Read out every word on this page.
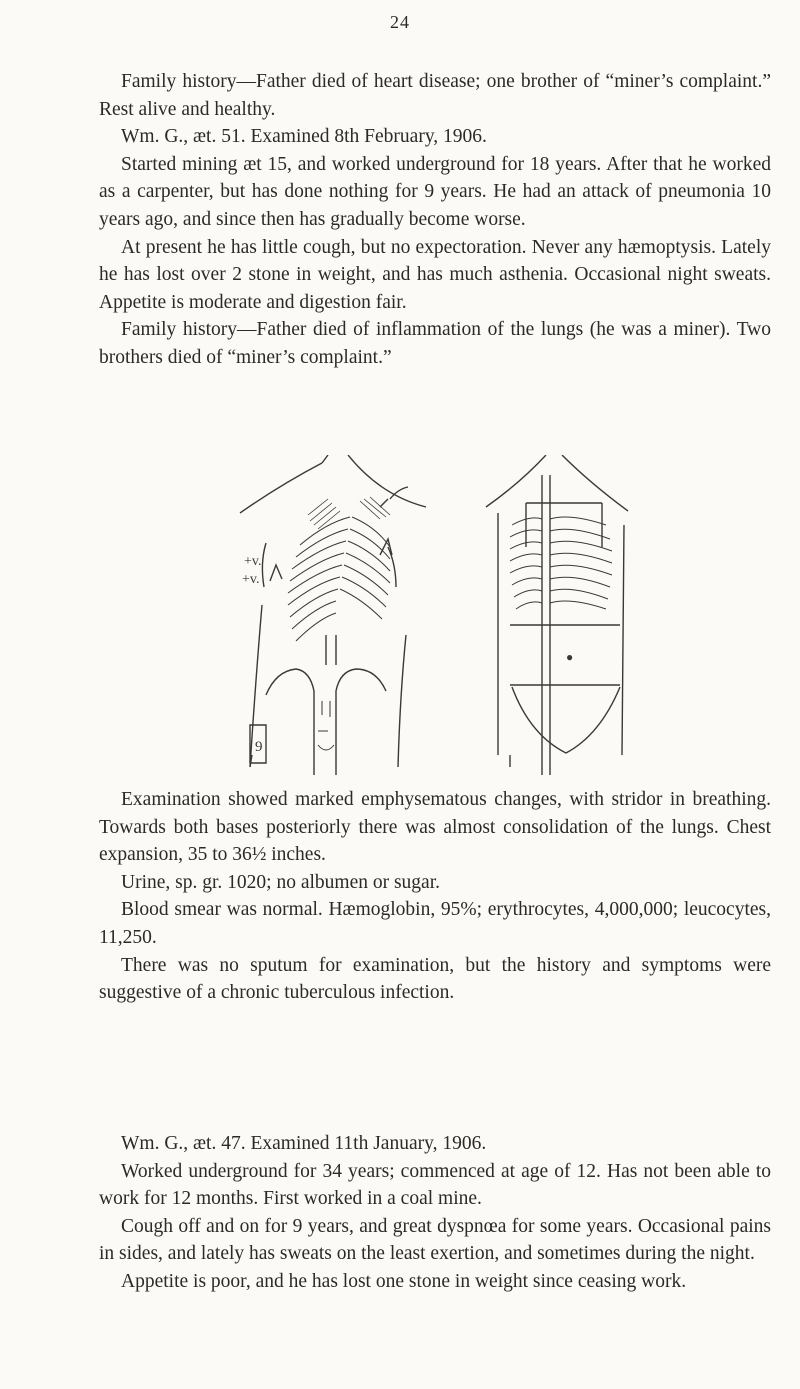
24

Family history—Father died of heart disease; one brother of “miner’s complaint.” Rest alive and healthy.

Wm. G., æt. 51. Examined 8th February, 1906.

Started mining æt 15, and worked underground for 18 years. After that he worked as a carpenter, but has done nothing for 9 years. He had an attack of pneumonia 10 years ago, and since then has gradually become worse.

At present he has little cough, but no expectoration. Never any hæmoptysis. Lately he has lost over 2 stone in weight, and has much asthenia. Occasional night sweats. Appetite is moderate and digestion fair.

Family history—Father died of inflammation of the lungs (he was a miner). Two brothers died of “miner’s complaint.”

+v.
+v.
9
●

Examination showed marked emphysematous changes, with stridor in breathing. Towards both bases posteriorly there was almost consolidation of the lungs. Chest expansion, 35 to 36½ inches.

Urine, sp. gr. 1020; no albumen or sugar.

Blood smear was normal. Hæmoglobin, 95%; erythrocytes, 4,000,000; leucocytes, 11,250.

There was no sputum for examination, but the history and symptoms were suggestive of a chronic tuberculous infection.

Wm. G., æt. 47. Examined 11th January, 1906.

Worked underground for 34 years; commenced at age of 12. Has not been able to work for 12 months. First worked in a coal mine.

Cough off and on for 9 years, and great dyspnœa for some years. Occasional pains in sides, and lately has sweats on the least exertion, and sometimes during the night.

Appetite is poor, and he has lost one stone in weight since ceasing work.
